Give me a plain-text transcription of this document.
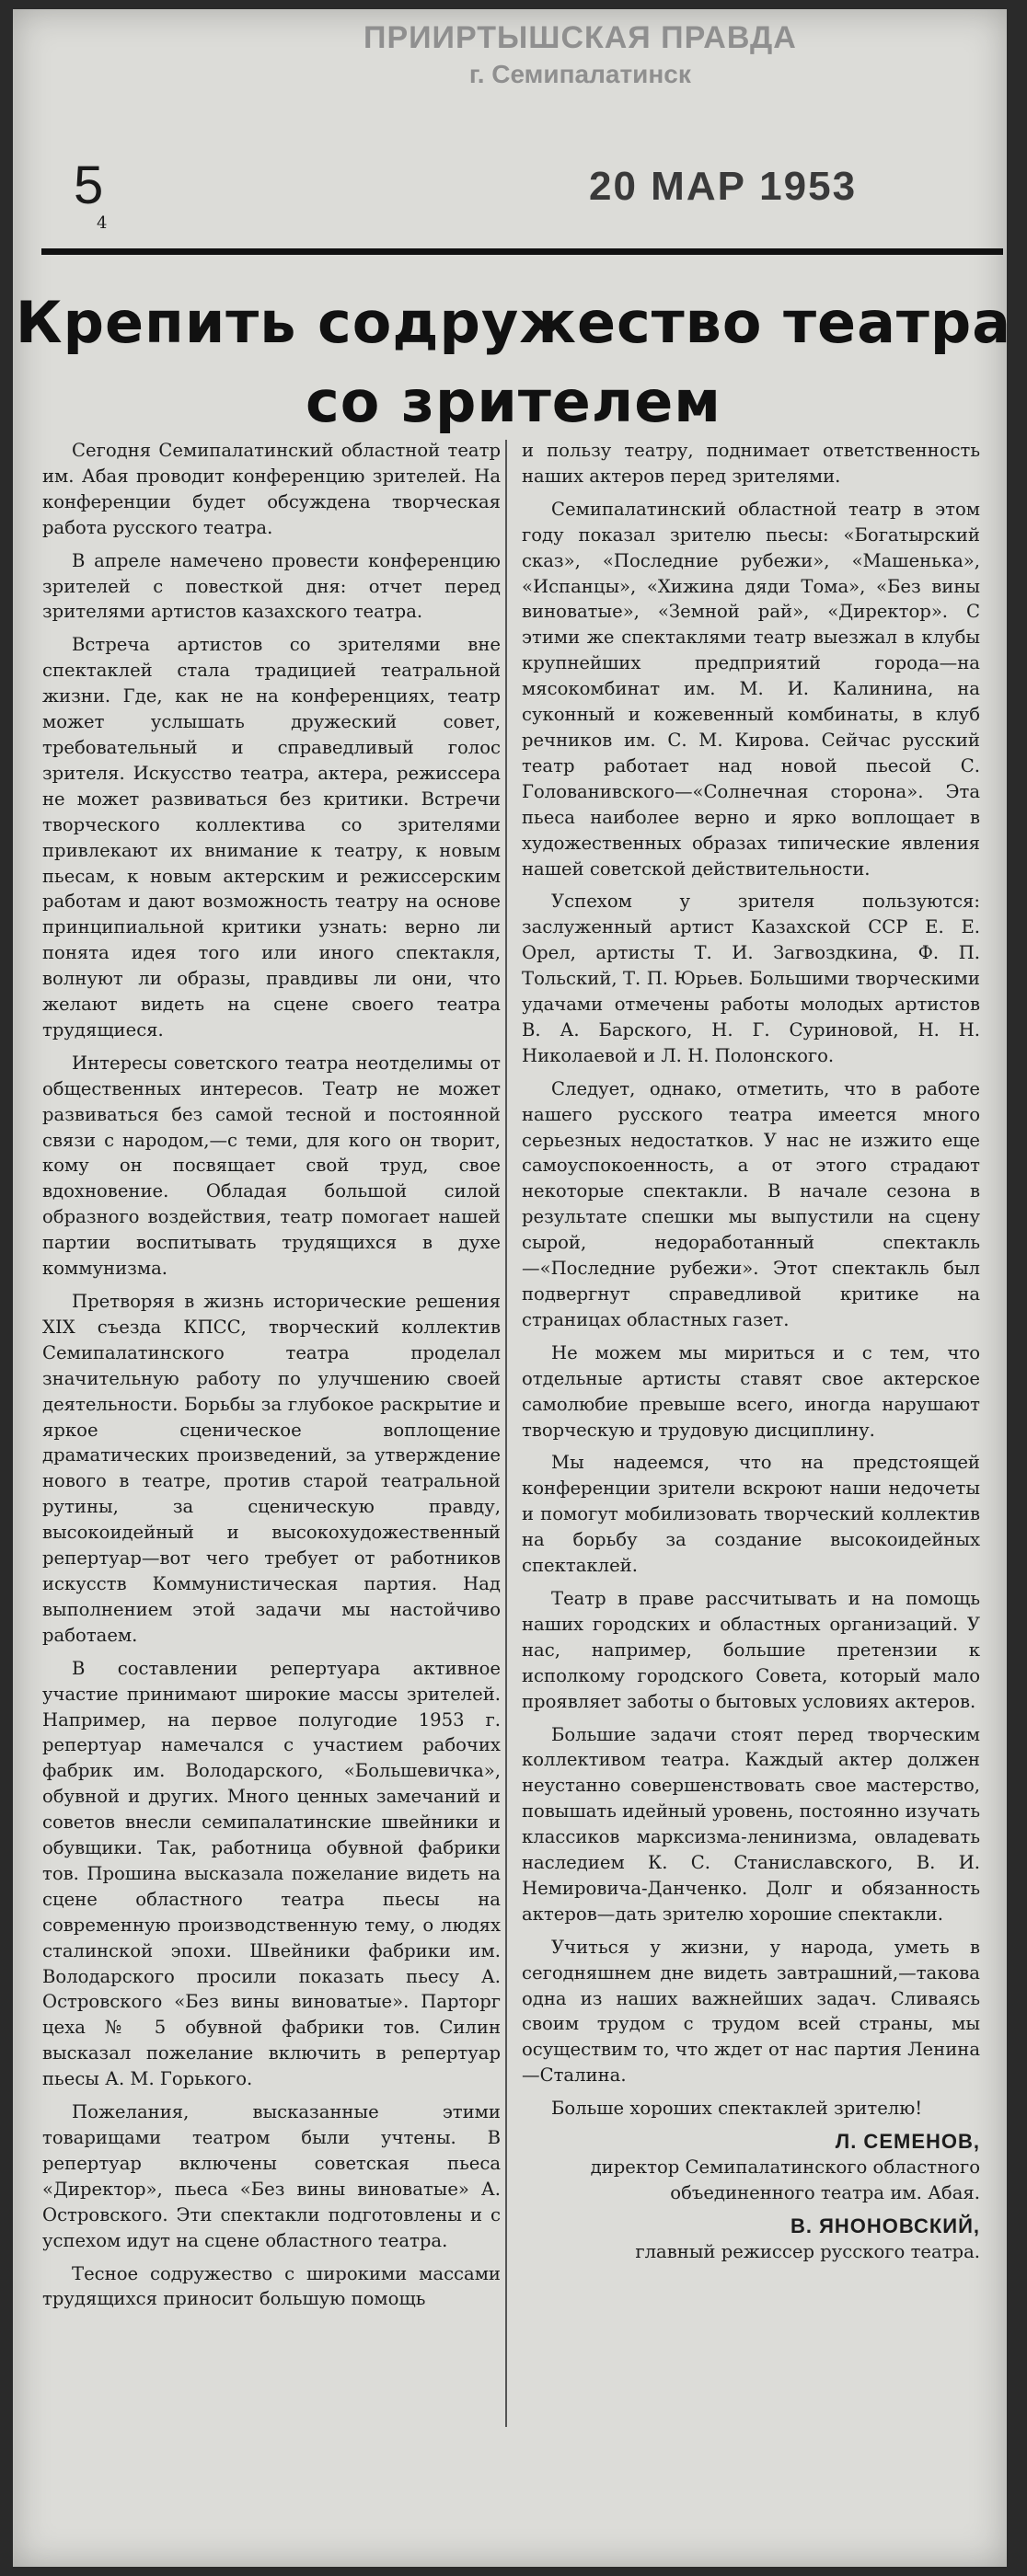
ПРИИРТЫШСКАЯ ПРАВДА
г. Семипалатинск
5
4
20 МАР 1953
Крепить содружество театра
со зрителем

Сегодня Семипалатинский областной театр им. Абая проводит конференцию зрителей. На конференции будет обсуждена творческая работа русского театра.

В апреле намечено провести конференцию зрителей с повесткой дня: отчет перед зрителями артистов казахского театра.

Встреча артистов со зрителями вне спектаклей стала традицией театральной жизни. Где, как не на конференциях, театр может услышать дружеский совет, требовательный и справедливый голос зрителя. Искусство театра, актера, режиссера не может развиваться без критики. Встречи творческого коллектива со зрителями привлекают их внимание к театру, к новым пьесам, к новым актерским и режиссерским работам и дают возможность театру на основе принципиальной критики узнать: верно ли понята идея того или иного спектакля, волнуют ли образы, правдивы ли они, что желают видеть на сцене своего театра трудящиеся.

Интересы советского театра неотделимы от общественных интересов. Театр не может развиваться без самой тесной и постоянной связи с народом,—с теми, для кого он творит, кому он посвящает свой труд, свое вдохновение. Обладая большой силой образного воздействия, театр помогает нашей партии воспитывать трудящихся в духе коммунизма.

Претворяя в жизнь исторические решения XIX съезда КПСС, творческий коллектив Семипалатинского театра проделал значительную работу по улучшению своей деятельности. Борьбы за глубокое раскрытие и яркое сценическое воплощение драматических произведений, за утверждение нового в театре, против старой театральной рутины, за сценическую правду, высокоидейный и высокохудожественный репертуар—вот чего требует от работников искусств Коммунистическая партия. Над выполнением этой задачи мы настойчиво работаем.

В составлении репертуара активное участие принимают широкие массы зрителей. Например, на первое полугодие 1953 г. репертуар намечался с участием рабочих фабрик им. Володарского, «Большевичка», обувной и других. Много ценных замечаний и советов внесли семипалатинские швейники и обувщики. Так, работница обувной фабрики тов. Прошина высказала пожелание видеть на сцене областного театра пьесы на современную производственную тему, о людях сталинской эпохи. Швейники фабрики им. Володарского просили показать пьесу А. Островского «Без вины виноватые». Парторг цеха № 5 обувной фабрики тов. Силин высказал пожелание включить в репертуар пьесы А. М. Горького.

Пожелания, высказанные этими товарищами театром были учтены. В репертуар включены советская пьеса «Директор», пьеса «Без вины виноватые» А. Островского. Эти спектакли подготовлены и с успехом идут на сцене областного театра.

Тесное содружество с широкими массами трудящихся приносит большую помощь

и пользу театру, поднимает ответственность наших актеров перед зрителями.

Семипалатинский областной театр в этом году показал зрителю пьесы: «Богатырский сказ», «Последние рубежи», «Машенька», «Испанцы», «Хижина дяди Тома», «Без вины виноватые», «Земной рай», «Директор». С этими же спектаклями театр выезжал в клубы крупнейших предприятий города—на мясокомбинат им. М. И. Калинина, на суконный и кожевенный комбинаты, в клуб речников им. С. М. Кирова. Сейчас русский театр работает над новой пьесой С. Голованивского—«Солнечная сторона». Эта пьеса наиболее верно и ярко воплощает в художественных образах типические явления нашей советской действительности.

Успехом у зрителя пользуются: заслуженный артист Казахской ССР Е. Е. Орел, артисты Т. И. Загвоздкина, Ф. П. Тольский, Т. П. Юрьев. Большими творческими удачами отмечены работы молодых артистов В. А. Барского, Н. Г. Суриновой, Н. Н. Николаевой и Л. Н. Полонского.

Следует, однако, отметить, что в работе нашего русского театра имеется много серьезных недостатков. У нас не изжито еще самоуспокоенность, а от этого страдают некоторые спектакли. В начале сезона в результате спешки мы выпустили на сцену сырой, недоработанный спектакль—«Последние рубежи». Этот спектакль был подвергнут справедливой критике на страницах областных газет.

Не можем мы мириться и с тем, что отдельные артисты ставят свое актерское самолюбие превыше всего, иногда нарушают творческую и трудовую дисциплину.

Мы надеемся, что на предстоящей конференции зрители вскроют наши недочеты и помогут мобилизовать творческий коллектив на борьбу за создание высокоидейных спектаклей.

Театр в праве рассчитывать и на помощь наших городских и областных организаций. У нас, например, большие претензии к исполкому городского Совета, который мало проявляет заботы о бытовых условиях актеров.

Большие задачи стоят перед творческим коллективом театра. Каждый актер должен неустанно совершенствовать свое мастерство, повышать идейный уровень, постоянно изучать классиков марксизма-ленинизма, овладевать наследием К. С. Станиславского, В. И. Немировича-Данченко. Долг и обязанность актеров—дать зрителю хорошие спектакли.

Учиться у жизни, у народа, уметь в сегодняшнем дне видеть завтрашний,—такова одна из наших важнейших задач. Сливаясь своим трудом с трудом всей страны, мы осуществим то, что ждет от нас партия Ленина—Сталина.

Больше хороших спектаклей зрителю!

Л. СЕМЕНОВ,
директор Семипалатинского областного объединенного театра им. Абая.
В. ЯНОНОВСКИЙ,
главный режиссер русского театра.
